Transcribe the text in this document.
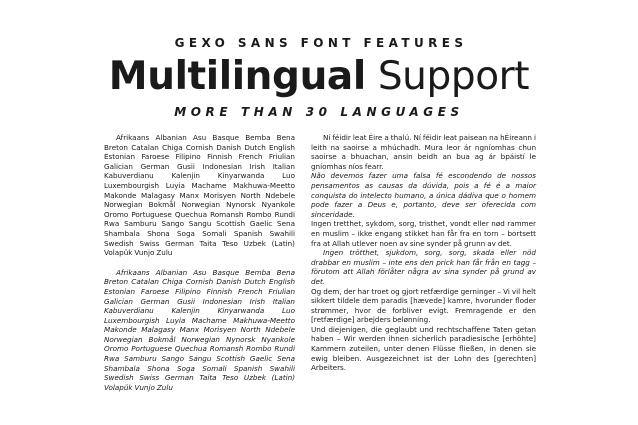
GEXO SANS FONT FEATURES
Multilingual Support
MORE THAN 30 LANGUAGES

Afrikaans Albanian Asu Basque Bemba Bena Breton Catalan Chiga Cornish Danish Dutch English Estonian Faroese Filipino Finnish French Friulian Galician German Gusii Indonesian Irish Italian Kabuverdianu Kalenjin Kinyarwanda Luo Luxembourgish Luyia Machame Makhuwa-Meetto Makonde Malagasy Manx Morisyen North Ndebele Norwegian Bokmål Norwegian Nynorsk Nyankole Oromo Portuguese Quechua Romansh Rombo Rundi Rwa Samburu Sango Sangu Scottish Gaelic Sena Shambala Shona Soga Somali Spanish Swahili Swedish Swiss German Taita Teso Uzbek (Latin) Volapük Vunjo Zulu

Afrikaans Albanian Asu Basque Bemba Bena Breton Catalan Chiga Cornish Danish Dutch English Estonian Faroese Filipino Finnish French Friulian Galician German Gusii Indonesian Irish Italian Kabuverdianu Kalenjin Kinyarwanda Luo Luxembourgish Luyia Machame Makhuwa-Meetto Makonde Malagasy Manx Morisyen North Ndebele Norwegian Bokmål Norwegian Nynorsk Nyankole Oromo Portuguese Quechua Romansh Rombo Rundi Rwa Samburu Sango Sangu Scottish Gaelic Sena Shambala Shona Soga Somali Spanish Swahili Swedish Swiss German Taita Teso Uzbek (Latin) Volapük Vunjo Zulu

Ní féidir leat Éire a thalú. Ní féidir leat paisean na hÉireann i leith na saoirse a mhúchadh. Mura leor ár ngníomhas chun saoirse a bhuachan, ansin beidh an bua ag ár bpáistí le gníomhas níos fearr.

Não devemos fazer uma falsa fé escondendo de nossos pensamentos as causas da dúvida, pois a fé é a maior conquista do intelecto humano, a única dádiva que o homem pode fazer a Deus e, portanto, deve ser oferecida com sinceridade.

Ingen tretthet, sykdom, sorg, tristhet, vondt eller nød rammer en muslim – ikke engang stikket han får fra en torn – bortsett fra at Allah utlever noen av sine synder på grunn av det.

Ingen trötthet, sjukdom, sorg, sorg, skada eller nöd drabbar en muslim – inte ens den prick han får från en tagg – förutom att Allah förlåter några av sina synder på grund av det.

Og dem, der har troet og gjort retfærdige gerninger – Vi vil helt sikkert tildele dem paradis [hævede] kamre, hvorunder floder strømmer, hvor de forbliver evigt. Fremragende er den [retfærdige] arbejders belønning.

Und diejenigen, die geglaubt und rechtschaffene Taten getan haben – Wir werden ihnen sicherlich paradiesische [erhöhte] Kammern zuteilen, unter denen Flüsse fließen, in denen sie ewig bleiben. Ausgezeichnet ist der Lohn des [gerechten] Arbeiters.
